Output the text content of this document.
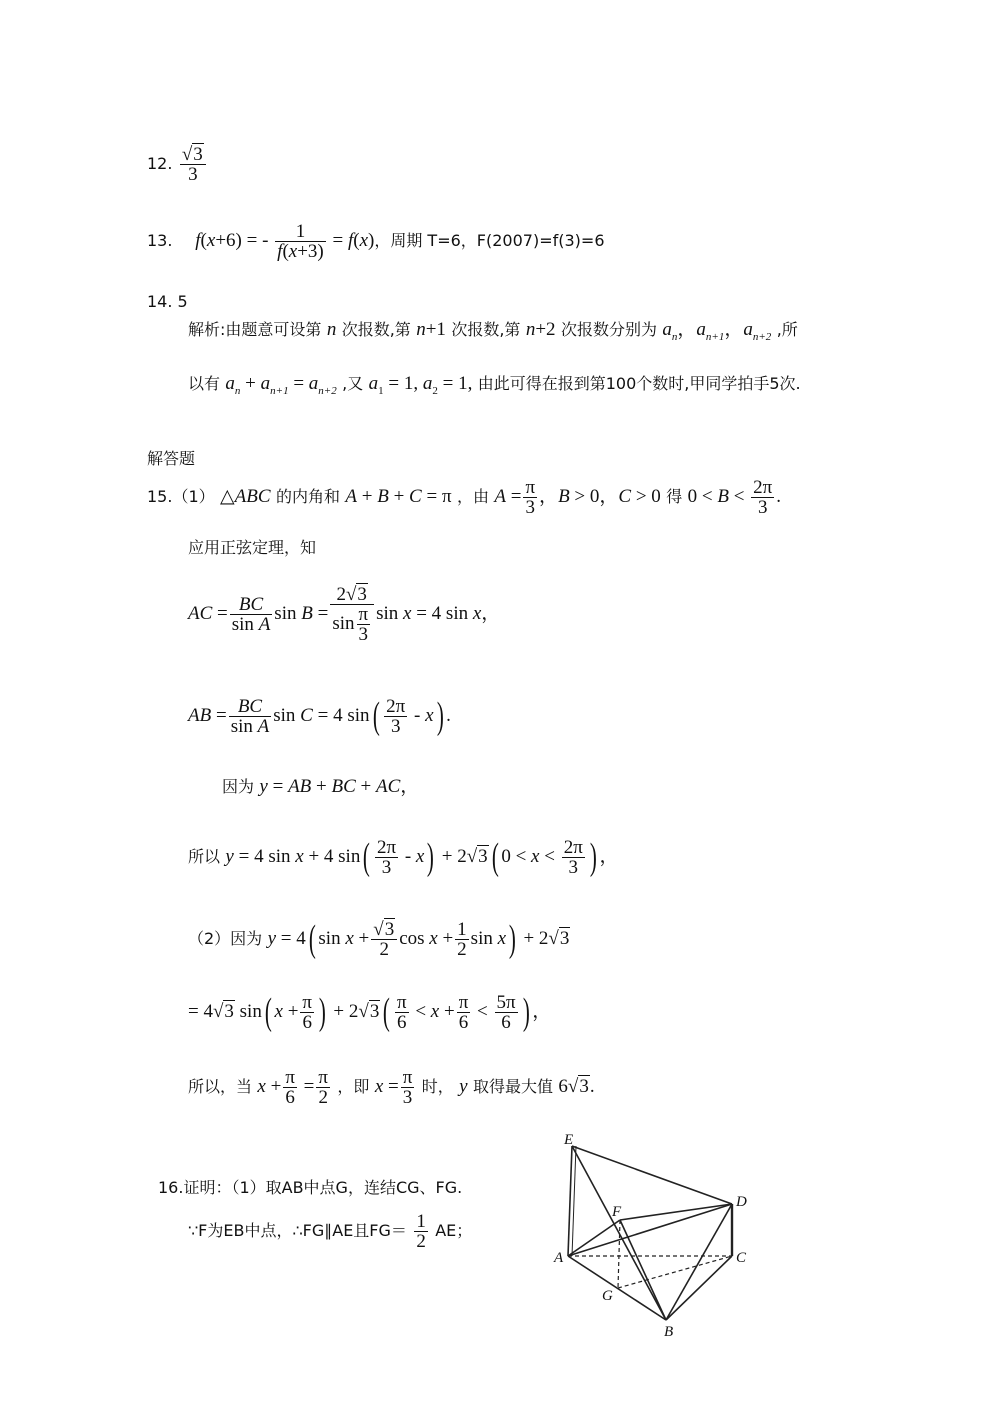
12. $\frac{√3}{3}$
13. f(x+6) = - $\frac{1}{f(x+3)} = f(x)$，周期 T=6，F(2007)=f(3)=6
14. 5
解析:由题意可设第 n 次报数,第 n+1 次报数,第 n+2 次报数分别为 $a_n$，$a_{n+1}$，$a_{n+2}$ ,所
以有 $a_n + a_{n+1} = a_{n+2}$ ,又 $a_1 = 1$, $a_2 = 1$, 由此可得在报到第100个数时,甲同学拍手5次.
解答题
15.（1） △ABC 的内角和 A + B + C = π ，由 $A = \frac{\pi}{3}$ ，B > 0，C > 0 得 $0 < B < \frac{2\pi}{3}$ .
应用正弦定理，知
AC = $\frac{BC}{\text{sin A}}$ $\sin B = \frac{2√3}{\sin \frac{\pi}{3}}$ sin x = 4 sin x，
AB = $\frac{BC}{\text{sin A}}$ sin C = 4 $\sin( \frac{2\pi}{3} - x)$ .
因为 y = AB + BC + AC，
所以 y = 4 sin x + 4 $\sin( \frac{2\pi}{3} - x) + 2√3$ ( $0 < x < \frac{2\pi}{3}$ ) ，
（2）因为 y = 4( $\sin x + \frac{√3}{2}$ $\cos x + \frac{1}{2}$ sin x) + 2√3
= 4√3 sin( $x + \frac{\pi}{6}$ ) + 2√3 ( $\frac{\pi}{6} < x + \frac{\pi}{6} < \frac{5\pi}{6}$ ) ，
所以，当 $x + \frac{\pi}{6} = \frac{\pi}{2}$ ，即 $x = \frac{\pi}{3}$ 时， y 取得最大值 6√3.
16.证明：（1）取AB中点G，连结CG、FG.
∵F为EB中点，∴FG∥AE且$FG= \frac{1}{2}$ AE；
E
D
F
A	C
G
B
